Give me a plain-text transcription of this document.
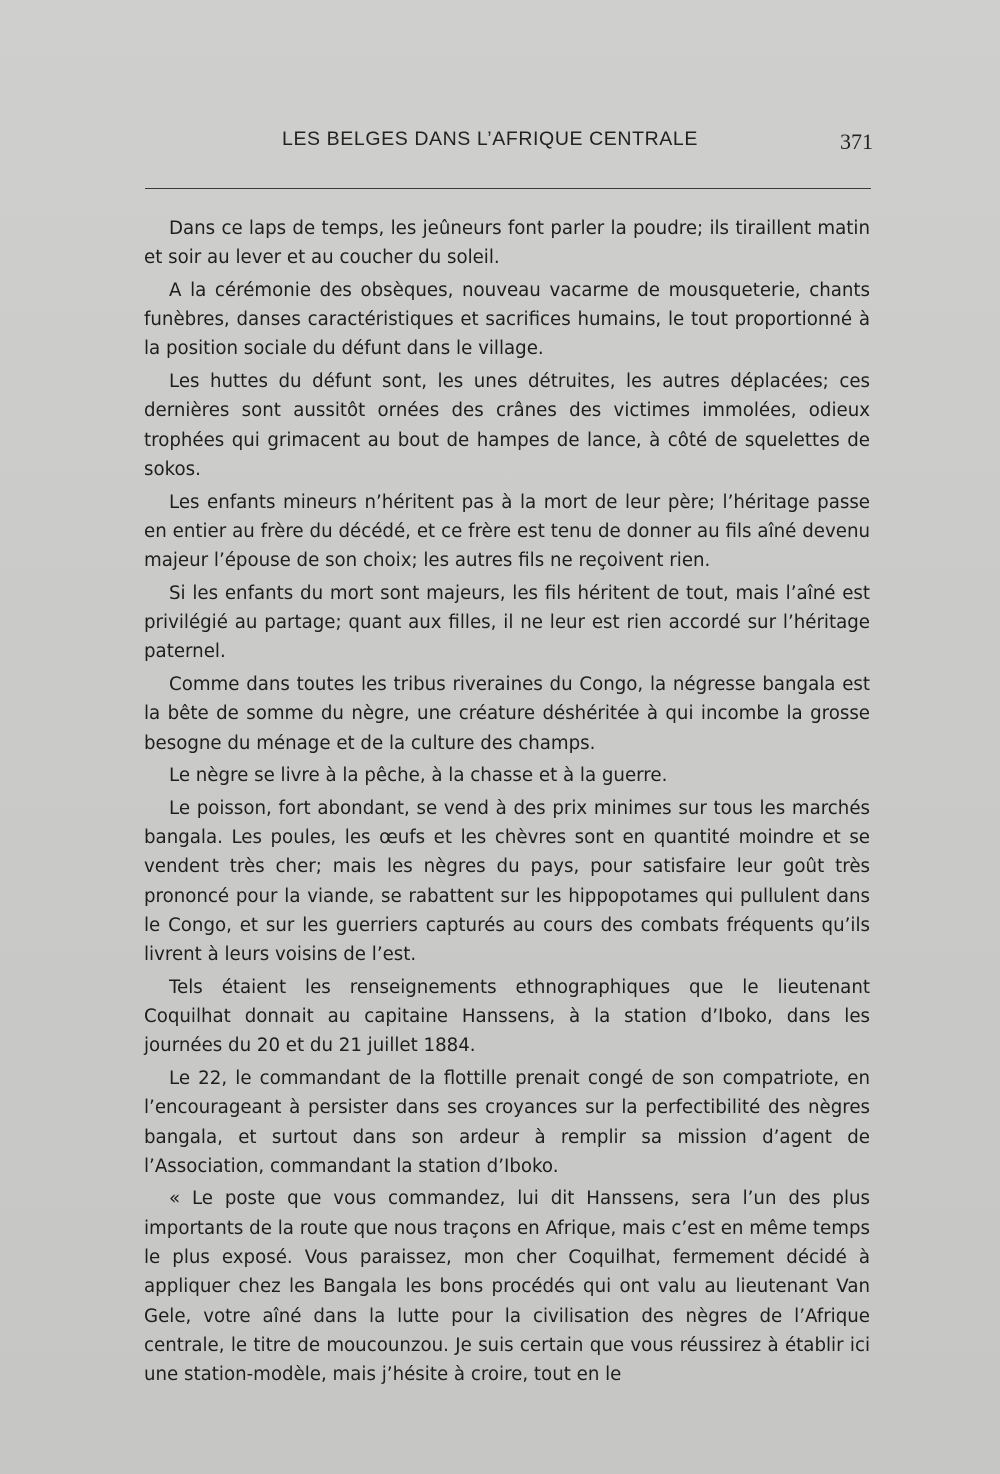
LES BELGES DANS L’AFRIQUE CENTRALE	371

Dans ce laps de temps, les jeûneurs font parler la poudre; ils tiraillent matin et soir au lever et au coucher du soleil.

A la cérémonie des obsèques, nouveau vacarme de mousqueterie, chants funèbres, danses caractéristiques et sacrifices humains, le tout proportionné à la position sociale du défunt dans le village.

Les huttes du défunt sont, les unes détruites, les autres déplacées; ces dernières sont aussitôt ornées des crânes des victimes immolées, odieux trophées qui grimacent au bout de hampes de lance, à côté de squelettes de sokos.

Les enfants mineurs n’héritent pas à la mort de leur père; l’héritage passe en entier au frère du décédé, et ce frère est tenu de donner au fils aîné devenu majeur l’épouse de son choix; les autres fils ne reçoivent rien.

Si les enfants du mort sont majeurs, les fils héritent de tout, mais l’aîné est privilégié au partage; quant aux filles, il ne leur est rien accordé sur l’héritage paternel.

Comme dans toutes les tribus riveraines du Congo, la négresse bangala est la bête de somme du nègre, une créature déshéritée à qui incombe la grosse besogne du ménage et de la culture des champs.

Le nègre se livre à la pêche, à la chasse et à la guerre.

Le poisson, fort abondant, se vend à des prix minimes sur tous les marchés bangala. Les poules, les œufs et les chèvres sont en quantité moindre et se vendent très cher; mais les nègres du pays, pour satisfaire leur goût très prononcé pour la viande, se rabattent sur les hippopotames qui pullulent dans le Congo, et sur les guerriers capturés au cours des combats fréquents qu’ils livrent à leurs voisins de l’est.

Tels étaient les renseignements ethnographiques que le lieutenant Coquilhat donnait au capitaine Hanssens, à la station d’Iboko, dans les journées du 20 et du 21 juillet 1884.

Le 22, le commandant de la flottille prenait congé de son compatriote, en l’encourageant à persister dans ses croyances sur la perfectibilité des nègres bangala, et surtout dans son ardeur à remplir sa mission d’agent de l’Association, commandant la station d’Iboko.

« Le poste que vous commandez, lui dit Hanssens, sera l’un des plus importants de la route que nous traçons en Afrique, mais c’est en même temps le plus exposé. Vous paraissez, mon cher Coquilhat, fermement décidé à appliquer chez les Bangala les bons procédés qui ont valu au lieutenant Van Gele, votre aîné dans la lutte pour la civilisation des nègres de l’Afrique centrale, le titre de moucounzou. Je suis certain que vous réussirez à établir ici une station-modèle, mais j’hésite à croire, tout en le
